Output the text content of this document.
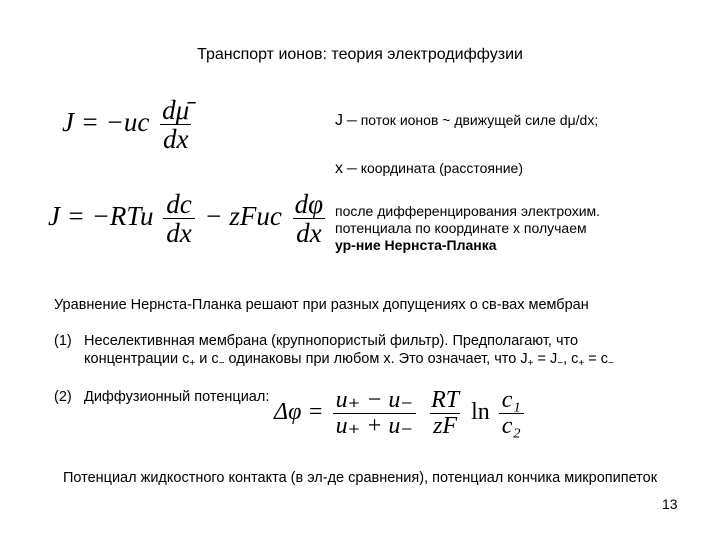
Транспорт ионов: теория электродиффузии
$J = -uc \frac{d\mū}{dx}$
$J = -RTu \frac{dc}{dx}$ − zFuc $\frac{d\varphi}{dx}$
J ─ поток ионов ~ движущей силе dμ/dx;
х ─ координата (расстояние)
после дифференцирования электрохим.
потенциала по координате х получаем
ур-ние Нернста-Планка
Уравнение Нернста-Планка решают при разных допущениях о св-вах мембран
(1) Неселективнная мембрана (крупнопористый фильтр). Предполагают, что
концентрации $с_+$ и $с_-$ одинаковы при любом х. Это означает, что $J_+ = J_-$, $с_+ = с_-$
(2) Диффузионный потенциал:
$\Delta\varphi = \frac{u_+ - u_-}{u_+ + u_-}$
$\frac{RT}{zF}$ $\ln \frac{\text{c₁}}{\text{c₂}}$
Потенциал жидкостного контакта (в эл-де сравнения), потенциал кончика микропипеток
13
